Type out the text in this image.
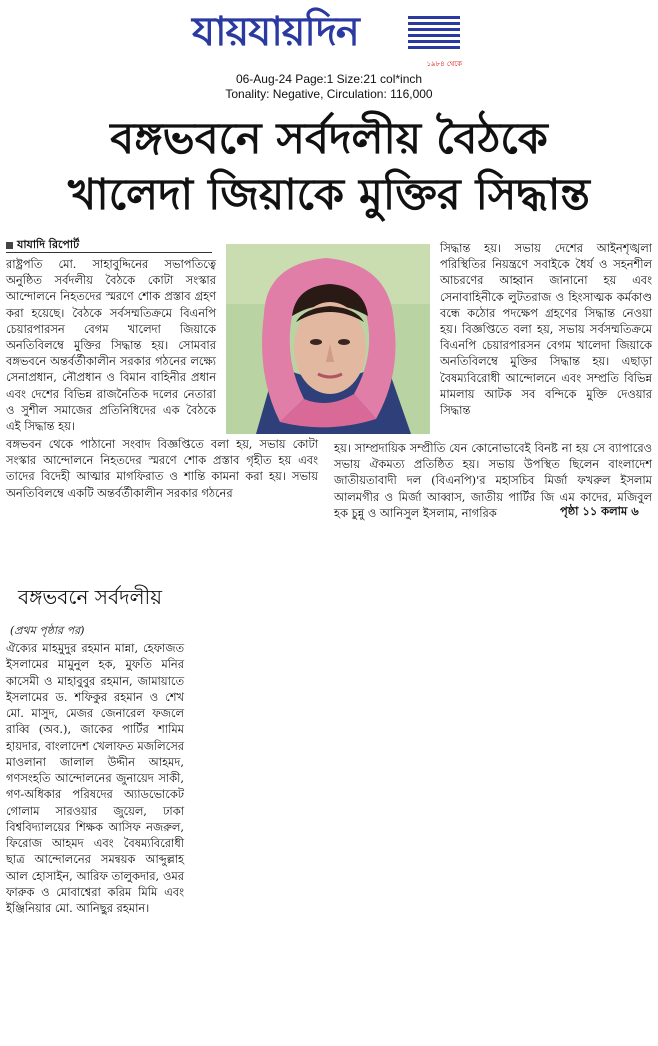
যায়যায়দিন
১৯৮৪ থেকে
06-Aug-24 Page:1 Size:21 col*inch
Tonality: Negative, Circulation: 116,000
বঙ্গভবনে সর্বদলীয় বৈঠকে
খালেদা জিয়াকে মুক্তির সিদ্ধান্ত
যাযাদি রিপোর্ট

রাষ্ট্রপতি মো. সাহাবুদ্দিনের সভাপতিত্বে অনুষ্ঠিত সর্বদলীয় বৈঠকে কোটা সংস্কার আন্দোলনে নিহতদের স্মরণে শোক প্রস্তাব গ্রহণ করা হয়েছে। বৈঠকে সর্বসম্মতিক্রমে বিএনপি চেয়ারপারসন বেগম খালেদা জিয়াকে অনতিবিলম্বে মুক্তির সিদ্ধান্ত হয়। সোমবার বঙ্গভবনে অন্তর্বর্তীকালীন সরকার গঠনের লক্ষ্যে সেনাপ্রধান, নৌপ্রধান ও বিমান বাহিনীর প্রধান এবং দেশের বিভিন্ন রাজনৈতিক দলের নেতারা ও সুশীল সমাজের প্রতিনিধিদের এক বৈঠকে এই সিদ্ধান্ত হয়।

বঙ্গভবন থেকে পাঠানো সংবাদ বিজ্ঞপ্তিতে বলা হয়, সভায় কোটা সংস্কার আন্দোলনে নিহতদের স্মরণে শোক প্রস্তাব গৃহীত হয় এবং তাদের বিদেহী আত্মার মাগফিরাত ও শান্তি কামনা করা হয়। সভায় অনতিবিলম্বে একটি অন্তর্বর্তীকালীন সরকার গঠনের

সিদ্ধান্ত হয়। সভায় দেশের আইনশৃঙ্খলা পরিস্থিতির নিয়ন্ত্রণে সবাইকে ধৈর্য ও সহনশীল আচরণের আহ্বান জানানো হয় এবং সেনাবাহিনীকে লুটতরাজ ও হিংসাত্মক কর্মকাণ্ড বন্ধে কঠোর পদক্ষেপ গ্রহণের সিদ্ধান্ত নেওয়া হয়। বিজ্ঞপ্তিতে বলা হয়, সভায় সর্বসম্মতিক্রমে বিএনপি চেয়ারপারসন বেগম খালেদা জিয়াকে অনতিবিলম্বে মুক্তির সিদ্ধান্ত হয়। এছাড়া বৈষম্যবিরোধী আন্দোলনে এবং সম্প্রতি বিভিন্ন মামলায় আটক সব বন্দিকে মুক্তি দেওয়ার সিদ্ধান্ত

হয়। সাম্প্রদায়িক সম্প্রীতি যেন কোনোভাবেই বিনষ্ট না হয় সে ব্যাপারেও সভায় ঐকমত্য প্রতিষ্ঠিত হয়। সভায় উপস্থিত ছিলেন বাংলাদেশ জাতীয়তাবাদী দল (বিএনপি)'র মহাসচিব মির্জা ফখরুল ইসলাম আলমগীর ও মির্জা আব্বাস, জাতীয় পার্টির জি এম কাদের, মজিবুল হক চুন্নু ও আনিসুল ইসলাম, নাগরিক	পৃষ্ঠা ১১ কলাম ৬
বঙ্গভবনে সর্বদলীয়
(প্রথম পৃষ্ঠার পর)

ঐক্যের মাহমুদুর রহমান মান্না, হেফাজত ইসলামের মামুনুল হক, মুফতি মনির কাসেমী ও মাহাবুবুর রহমান, জামায়াতে ইসলামের ড. শফিকুর রহমান ও শেখ মো. মাসুদ, মেজর জেনারেল ফজলে রাব্বি (অব.), জাকের পার্টির শামিম হায়দার, বাংলাদেশ খেলাফত মজলিসের মাওলানা জালাল উদ্দীন আহমদ, গণসংহতি আন্দোলনের জুনায়েদ সাকী, গণ-অধিকার পরিষদের অ্যাডভোকেট গোলাম সারওয়ার জুয়েল, ঢাকা বিশ্ববিদ্যালয়ের শিক্ষক আসিফ নজরুল, ফিরোজ আহমদ এবং বৈষম্যবিরোধী ছাত্র আন্দোলনের সমন্বয়ক আব্দুল্লাহ আল হোসাইন, আরিফ তালুকদার, ওমর ফারুক ও মোবাশ্বেরা করিম মিমি এবং ইঞ্জিনিয়ার মো. আনিছুর রহমান।
